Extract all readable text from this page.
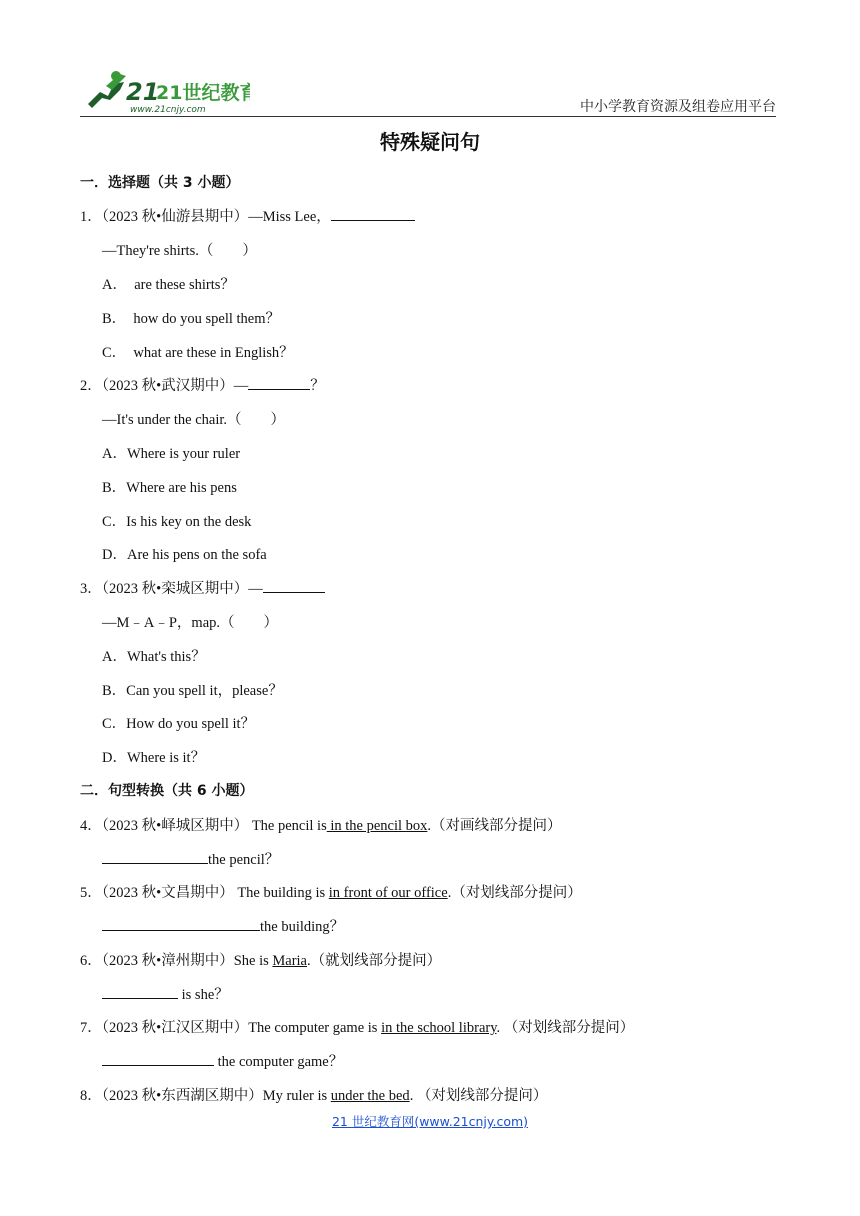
21
21世纪教育
www.21cnjy.com	中小学教育资源及组卷应用平台
特殊疑问句
一．选择题（共 3 小题）
1．（2023 秋•仙游县期中）—Miss Lee，
—They're shirts.（　　）
A．　are these shirts？
B．　how do you spell them？
C．　what are these in English？
2．（2023 秋•武汉期中）—	？
—It's under the chair.（　　）
A．Where is your ruler
B．Where are his pens
C．Is his key on the desk
D．Are his pens on the sofa
3．（2023 秋•栾城区期中）—
—M﹣A﹣P，map.（　　）
A．What's this？
B．Can you spell it，please？
C．How do you spell it？
D．Where is it？
二．句型转换（共 6 小题）
4．（2023 秋•峄城区期中） The pencil is in the pencil box.（对画线部分提问）
the pencil？
5．（2023 秋•文昌期中） The building is in front of our office.（对划线部分提问）
the building？
6．（2023 秋•漳州期中）She is Maria.（就划线部分提问）
is she？
7．（2023 秋•江汉区期中）The computer game is in the school library. （对划线部分提问）
the computer game？
8．（2023 秋•东西湖区期中）My ruler is under the bed. （对划线部分提问）
21 世纪教育网(www.21cnjy.com)
